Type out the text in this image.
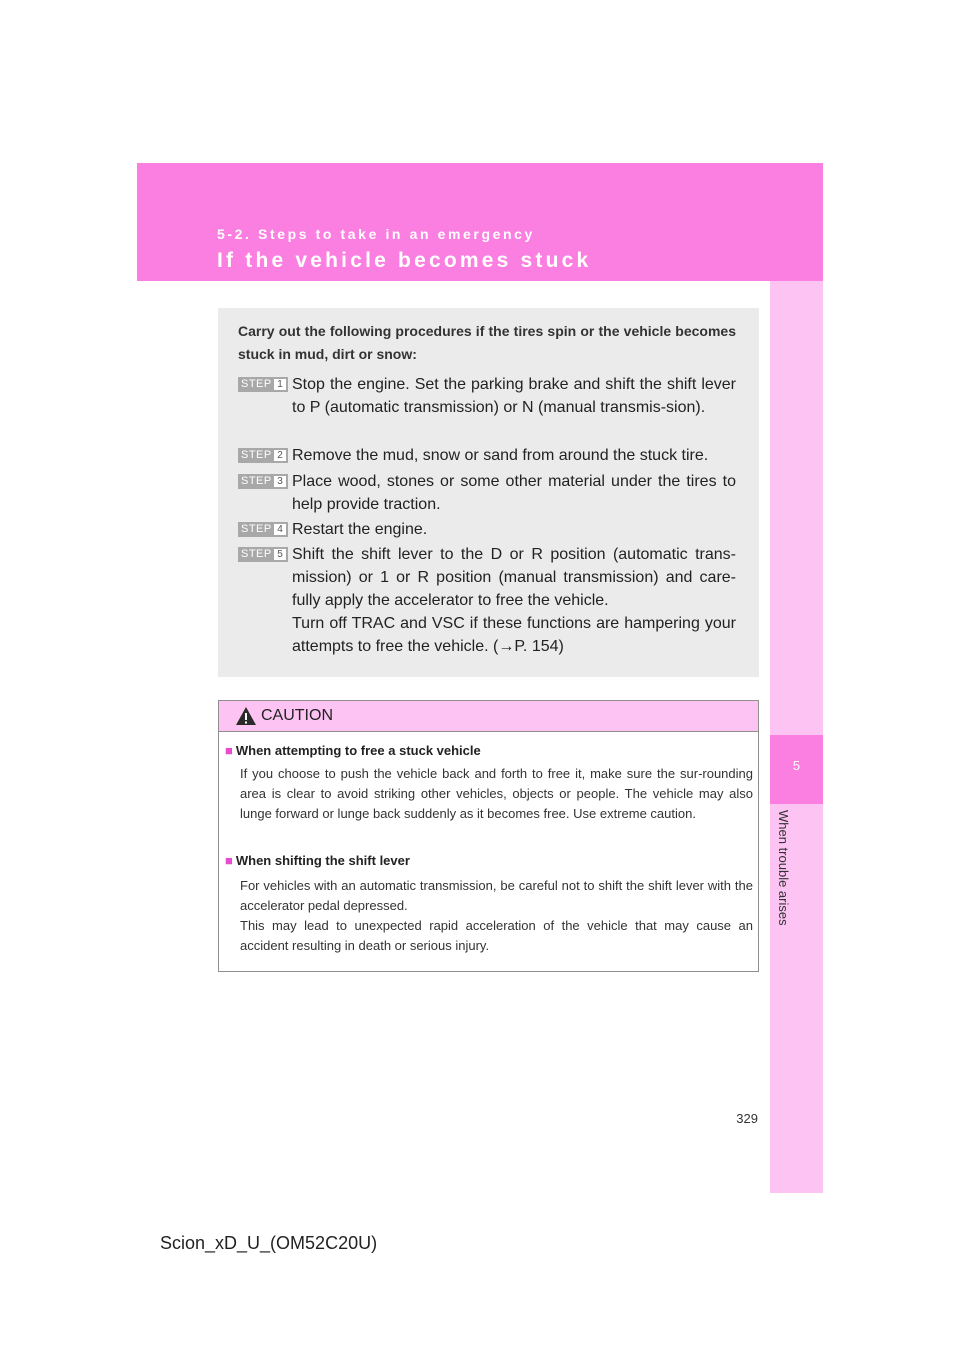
5-2. Steps to take in an emergency
If the vehicle becomes stuck
5
When trouble arises

Carry out the following procedures if the tires spin or the vehicle becomes stuck in mud, dirt or snow:

STEP 1 Stop the engine. Set the parking brake and shift the shift lever to P (automatic transmission) or N (manual transmis-sion).
STEP 2 Remove the mud, snow or sand from around the stuck tire.
STEP 3 Place wood, stones or some other material under the tires to help provide traction.
STEP 4 Restart the engine.
STEP 5 Shift the shift lever to the D or R position (automatic trans-mission) or 1 or R position (manual transmission) and care-fully apply the accelerator to free the vehicle.
Turn off TRAC and VSC if these functions are hampering your attempts to free the vehicle. (→P. 154)
CAUTION
■ When attempting to free a stuck vehicle

If you choose to push the vehicle back and forth to free it, make sure the sur-rounding area is clear to avoid striking other vehicles, objects or people. The vehicle may also lunge forward or lunge back suddenly as it becomes free. Use extreme caution.

■ When shifting the shift lever

For vehicles with an automatic transmission, be careful not to shift the shift lever with the accelerator pedal depressed.

This may lead to unexpected rapid acceleration of the vehicle that may cause an accident resulting in death or serious injury.

329
Scion_xD_U_(OM52C20U)
